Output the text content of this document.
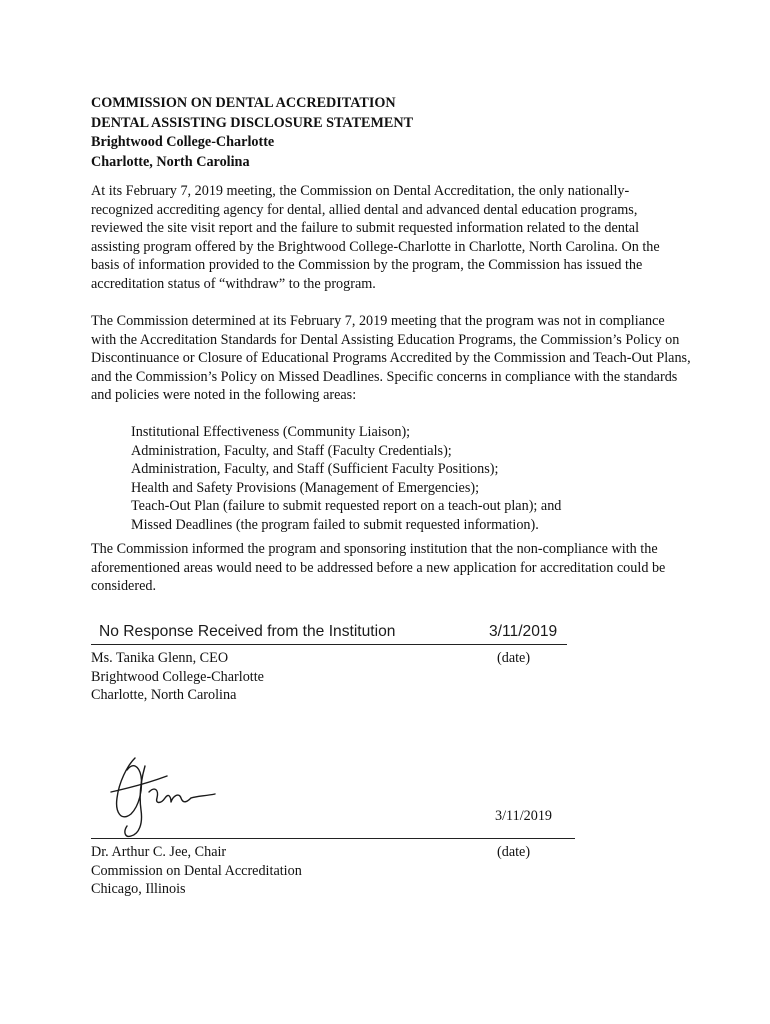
COMMISSION ON DENTAL ACCREDITATION
DENTAL ASSISTING DISCLOSURE STATEMENT
Brightwood College-Charlotte
Charlotte, North Carolina

At its February 7, 2019 meeting, the Commission on Dental Accreditation, the only nationally-recognized accrediting agency for dental, allied dental and advanced dental education programs, reviewed the site visit report and the failure to submit requested information related to the dental assisting program offered by the Brightwood College-Charlotte in Charlotte, North Carolina. On the basis of information provided to the Commission by the program, the Commission has issued the accreditation status of “withdraw” to the program.

The Commission determined at its February 7, 2019 meeting that the program was not in compliance with the Accreditation Standards for Dental Assisting Education Programs, the Commission’s Policy on Discontinuance or Closure of Educational Programs Accredited by the Commission and Teach-Out Plans, and the Commission’s Policy on Missed Deadlines. Specific concerns in compliance with the standards and policies were noted in the following areas:

Institutional Effectiveness (Community Liaison);
Administration, Faculty, and Staff (Faculty Credentials);
Administration, Faculty, and Staff (Sufficient Faculty Positions);
Health and Safety Provisions (Management of Emergencies);
Teach-Out Plan (failure to submit requested report on a teach-out plan); and
Missed Deadlines (the program failed to submit requested information).

The Commission informed the program and sponsoring institution that the non-compliance with the aforementioned areas would need to be addressed before a new application for accreditation could be considered.

No Response Received from the Institution	3/11/2019
Ms. Tanika Glenn, CEO
Brightwood College-Charlotte
Charlotte, North Carolina
(date)
3/11/2019
Dr. Arthur C. Jee, Chair
Commission on Dental Accreditation
Chicago, Illinois
(date)
